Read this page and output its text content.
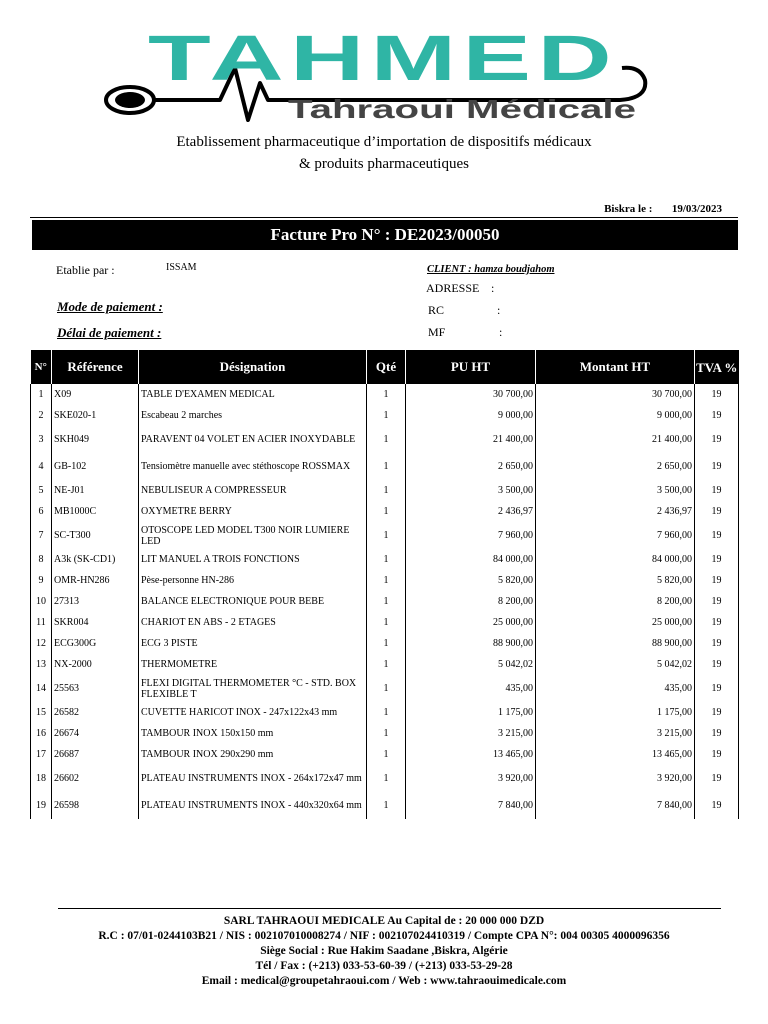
TAHMED
Tahraoui Médicale
Etablissement pharmaceutique d’importation de dispositifs médicaux
& produits pharmaceutiques
Biskra le : 19/03/2023
Facture Pro N° : DE2023/00050
Etablie par :	ISSAM	CLIENT : hamza boudjahom
ADRESSE :
Mode de paiement :	RC	:
Délai de paiement :	MF	:
N°	Référence	Désignation	Qté	PU HT	Montant HT	TVA %
1	X09	TABLE D'EXAMEN MEDICAL	1	30 700,00	30 700,00	19
2	SKE020-1	Escabeau 2 marches	1	9 000,00	9 000,00	19
3	SKH049	PARAVENT 04 VOLET EN ACIER INOXYDABLE	1	21 400,00	21 400,00	19
4	GB-102	Tensiomètre manuelle avec stéthoscope ROSSMAX	1	2 650,00	2 650,00	19
5	NE-J01	NEBULISEUR A COMPRESSEUR	1	3 500,00	3 500,00	19
6	MB1000C	OXYMETRE BERRY	1	2 436,97	2 436,97	19
7	SC-T300	OTOSCOPE LED MODEL T300 NOIR LUMIERE LED	1	7 960,00	7 960,00	19
8	A3k (SK-CD1)	LIT MANUEL A TROIS FONCTIONS	1	84 000,00	84 000,00	19
9	OMR-HN286	Pèse-personne HN-286	1	5 820,00	5 820,00	19
10	27313	BALANCE ELECTRONIQUE POUR BEBE	1	8 200,00	8 200,00	19
11	SKR004	CHARIOT EN ABS - 2 ETAGES	1	25 000,00	25 000,00	19
12	ECG300G	ECG 3 PISTE	1	88 900,00	88 900,00	19
13	NX-2000	THERMOMETRE	1	5 042,02	5 042,02	19
14	25563	FLEXI DIGITAL THERMOMETER °C - STD. BOX FLEXIBLE T	1	435,00	435,00	19
15	26582	CUVETTE HARICOT INOX - 247x122x43 mm	1	1 175,00	1 175,00	19
16	26674	TAMBOUR INOX 150x150 mm	1	3 215,00	3 215,00	19
17	26687	TAMBOUR INOX 290x290 mm	1	13 465,00	13 465,00	19
18	26602	PLATEAU INSTRUMENTS INOX - 264x172x47 mm	1	3 920,00	3 920,00	19
19	26598	PLATEAU INSTRUMENTS INOX - 440x320x64 mm	1	7 840,00	7 840,00	19
SARL TAHRAOUI MEDICALE Au Capital de : 20 000 000 DZD
R.C : 07/01-0244103B21 / NIS : 002107010008274 / NIF : 002107024410319 / Compte CPA N°: 004 00305 4000096356
Siège Social : Rue Hakim Saadane ,Biskra, Algérie
Tél / Fax : (+213) 033-53-60-39 / (+213) 033-53-29-28
Email : medical@groupetahraoui.com / Web : www.tahraouimedicale.com
